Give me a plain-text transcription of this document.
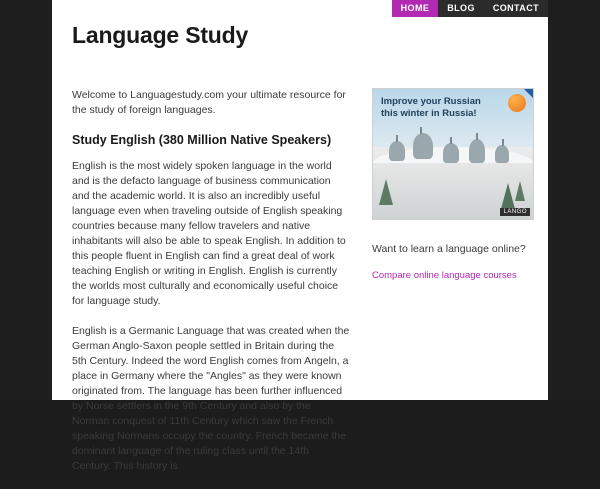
HOME	BLOG	CONTACT
Language Study

Welcome to Languagestudy.com your ultimate resource for the study of foreign languages.

Study English (380 Million Native Speakers)

English is the most widely spoken language in the world and is the defacto language of business communication and the academic world. It is also an incredibly useful language even when traveling outside of English speaking countries because many fellow travelers and native inhabitants will also be able to speak English. In addition to this people fluent in English can find a great deal of work teaching English or writing in English. English is currently the worlds most culturally and economically useful choice for language study.

English is a Germanic Language that was created when the German Anglo-Saxon people settled in Britain during the 5th Century. Indeed the word English comes from Angeln, a place in Germany where the "Angles" as they were known originated from. The language has been further influenced by Norse settlers in the 9th Century and also by the Norman conquest of 11th Century which saw the French speaking Normans occupy the country. French became the dominant language of the ruling class until the 14th Century. This history is

Improve your Russian this winter in Russia!
LANGO
Want to learn a language online?
Compare online language courses
